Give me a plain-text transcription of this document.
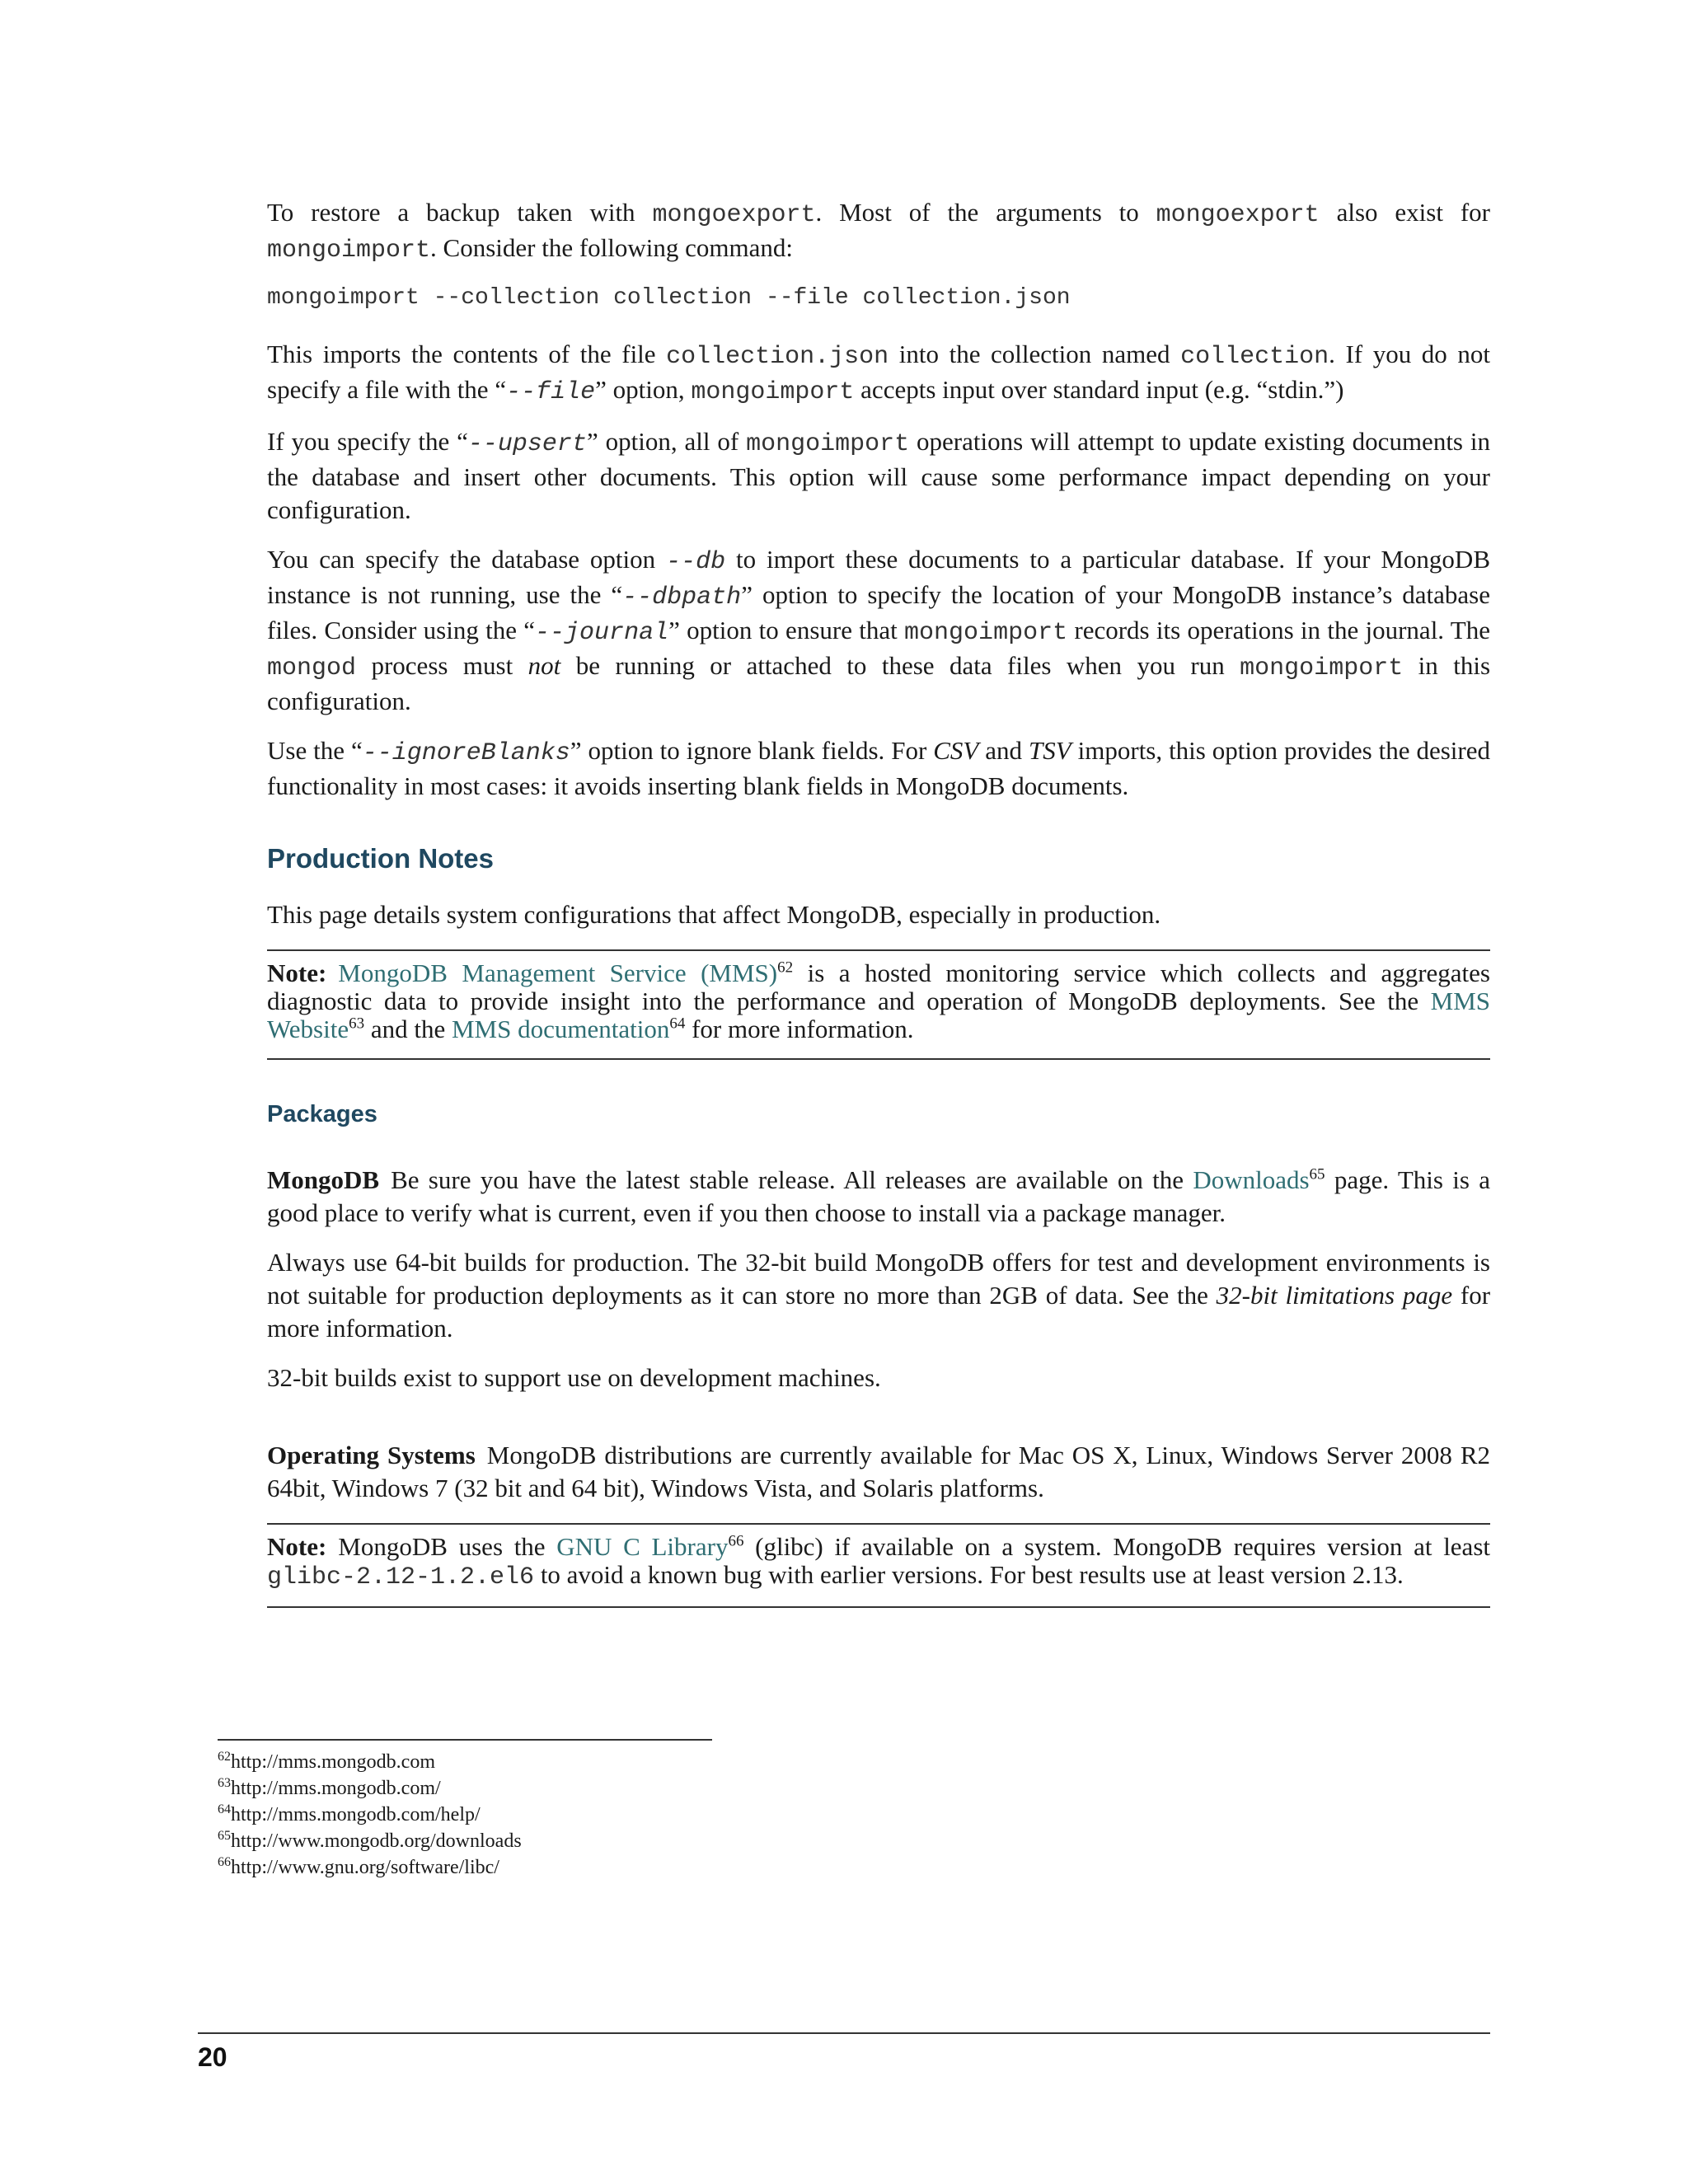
To restore a backup taken with mongoexport. Most of the arguments to mongoexport also exist for mongoimport. Consider the following command:

mongoimport --collection collection --file collection.json

This imports the contents of the file collection.json into the collection named collection. If you do not specify a file with the “--file” option, mongoimport accepts input over standard input (e.g. “stdin.”)

If you specify the “--upsert” option, all of mongoimport operations will attempt to update existing documents in the database and insert other documents. This option will cause some performance impact depending on your configuration.

You can specify the database option --db to import these documents to a particular database. If your MongoDB instance is not running, use the “--dbpath” option to specify the location of your MongoDB instance’s database files. Consider using the “--journal” option to ensure that mongoimport records its operations in the journal. The mongod process must not be running or attached to these data files when you run mongoimport in this configuration.

Use the “--ignoreBlanks” option to ignore blank fields. For CSV and TSV imports, this option provides the desired functionality in most cases: it avoids inserting blank fields in MongoDB documents.

Production Notes

This page details system configurations that affect MongoDB, especially in production.

Note: MongoDB Management Service (MMS)$^{62}$ is a hosted monitoring service which collects and aggregates diagnostic data to provide insight into the performance and operation of MongoDB deployments. See the MMS Website$^{63}$ and the MMS documentation$^{64}$ for more information.

Packages

MongoDB Be sure you have the latest stable release. All releases are available on the Downloads$^{65}$ page. This is a good place to verify what is current, even if you then choose to install via a package manager.

Always use 64-bit builds for production. The 32-bit build MongoDB offers for test and development environments is not suitable for production deployments as it can store no more than 2GB of data. See the 32-bit limitations page for more information.

32-bit builds exist to support use on development machines.

Operating Systems MongoDB distributions are currently available for Mac OS X, Linux, Windows Server 2008 R2 64bit, Windows 7 (32 bit and 64 bit), Windows Vista, and Solaris platforms.

Note: MongoDB uses the GNU C Library$^{66}$ (glibc) if available on a system. MongoDB requires version at least glibc-2.12-1.2.el6 to avoid a known bug with earlier versions. For best results use at least version 2.13.

$^{62}$http://mms.mongodb.com
$^{63}$http://mms.mongodb.com/
$^{64}$http://mms.mongodb.com/help/
$^{65}$http://www.mongodb.org/downloads
$^{66}$http://www.gnu.org/software/libc/
20
